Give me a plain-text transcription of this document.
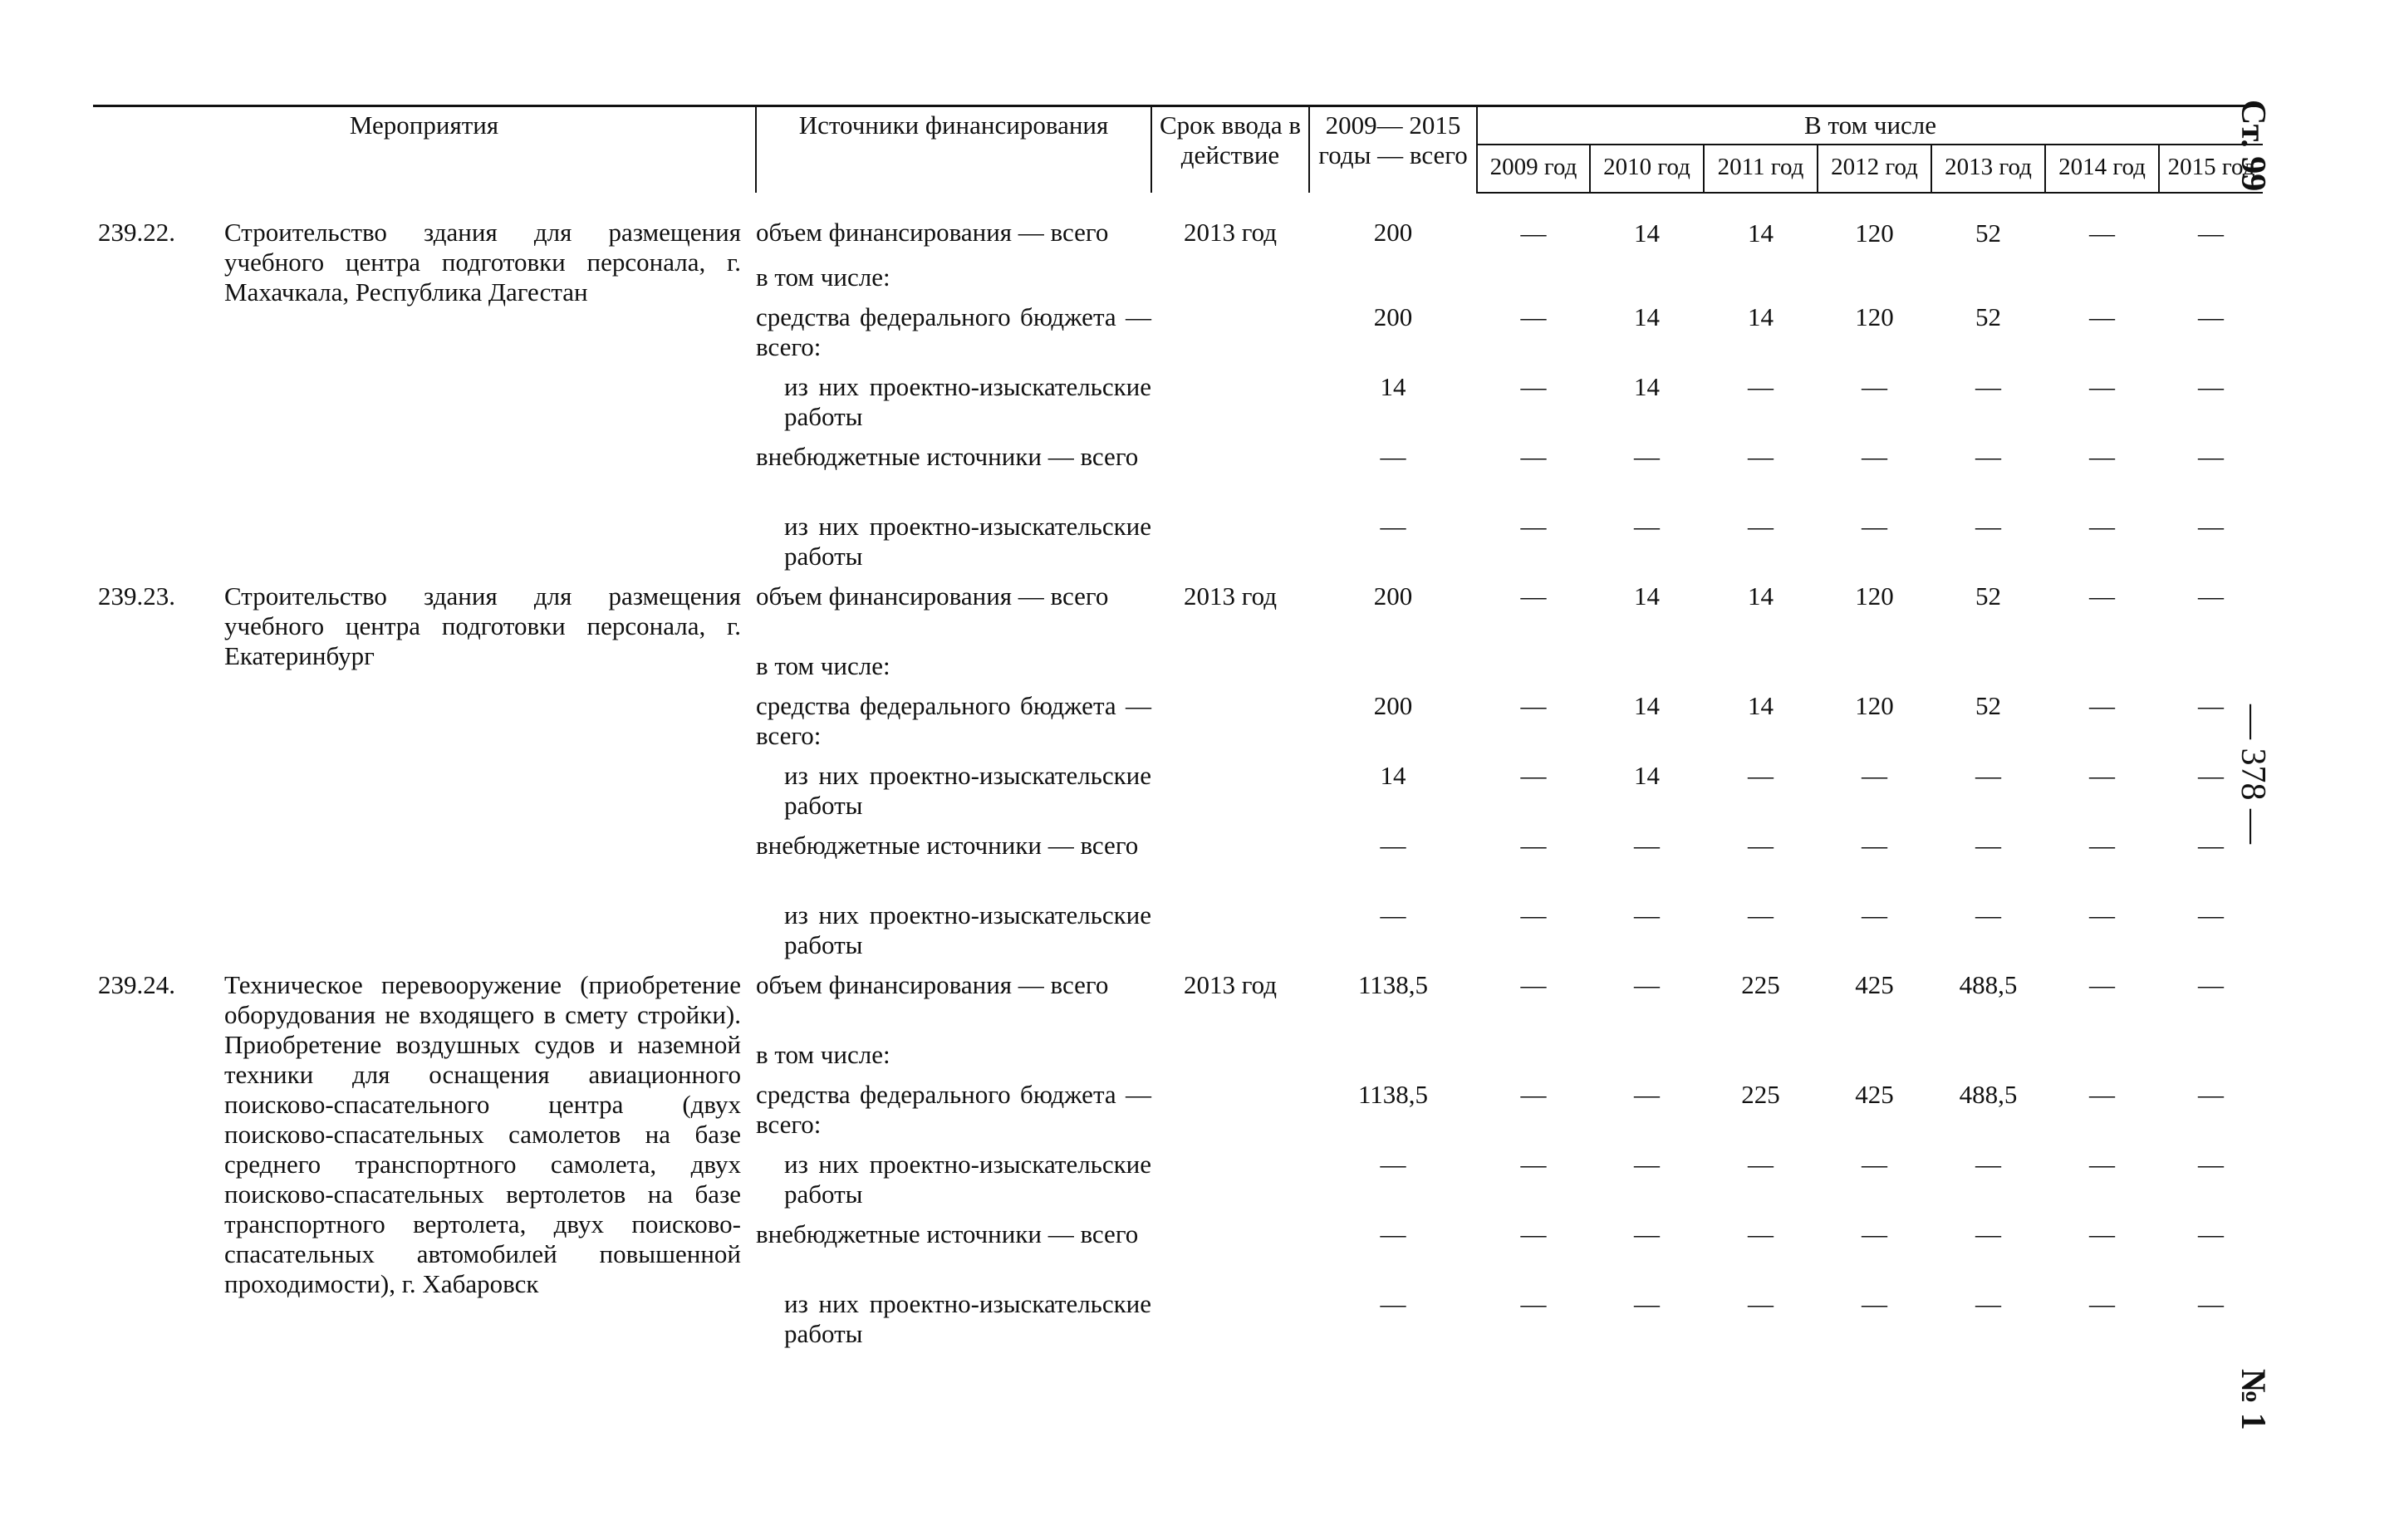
Мероприятия		Источники финансирования	Срок ввода в действие	2009— 2015 годы — всего	В том числе						
					2009 год	2010 год	2011 год	2012 год	2013 год	2014 год	2015 год
239.22.	Строительство здания для размещения учебного центра подготовки персонала, г. Махачкала, Республика Дагестан	объем финансирования — всего	2013 год	200	—	14	14	120	52	—	—

		в том числе:									

		средства федерального бюджета — всего:		200	—	14	14	120	52	—	—

		из них проектно-изыскательские работы		14	—	14	—	—	—	—	—

		внебюджетные источники — всего		—	—	—	—	—	—	—	—

		из них проектно-изыскательские работы		—	—	—	—	—	—	—	—
239.23.	Строительство здания для размещения учебного центра подготовки персонала, г. Екатеринбург	объем финансирования — всего	2013 год	200	—	14	14	120	52	—	—

		в том числе:									

		средства федерального бюджета — всего:		200	—	14	14	120	52	—	—

		из них проектно-изыскательские работы		14	—	14	—	—	—	—	—

		внебюджетные источники — всего		—	—	—	—	—	—	—	—

		из них проектно-изыскательские работы		—	—	—	—	—	—	—	—
239.24.	Техническое перевооружение (приобретение оборудования не входящего в смету стройки). Приобретение воздушных судов и наземной техники для оснащения авиационного поисково-спасательного центра (двух поисково-спасательных самолетов на базе среднего транспортного самолета, двух поисково-спасательных вертолетов на базе транспортного вертолета, двух поисково-спасательных автомобилей повышенной проходимости), г. Хабаровск	объем финансирования — всего	2013 год	1138,5	—	—	225	425	488,5	—	—

		в том числе:									

		средства федерального бюджета — всего:		1138,5	—	—	225	425	488,5	—	—

		из них проектно-изыскательские работы		—	—	—	—	—	—	—	—

		внебюджетные источники — всего		—	—	—	—	—	—	—	—

		из них проектно-изыскательские работы		—	—	—	—	—	—	—	—
Ст. 99
— 378 —
№ 1
